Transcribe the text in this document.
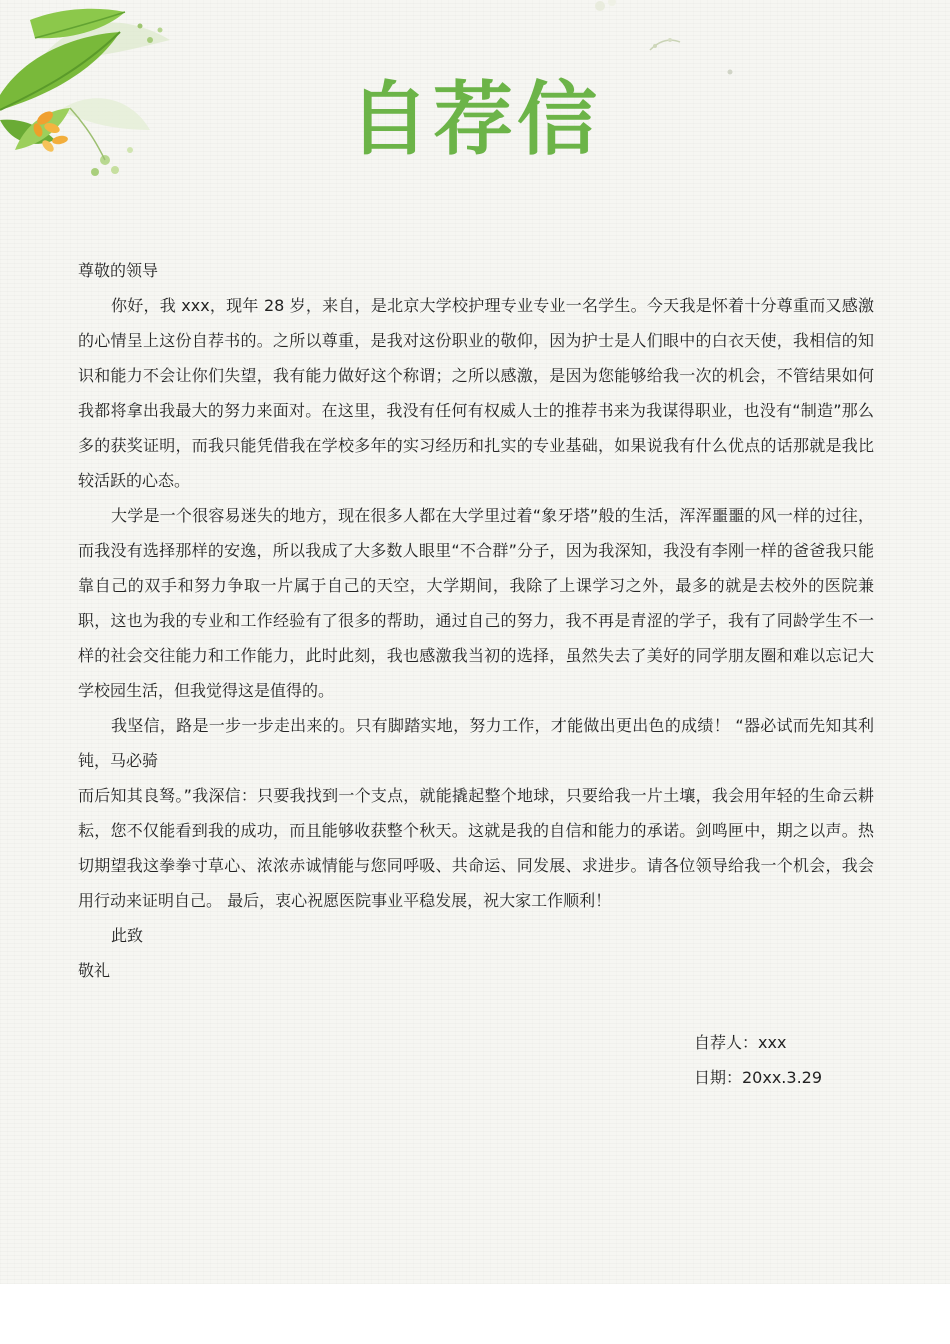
自荐信

尊敬的领导

你好，我 xxx，现年 28 岁，来自，是北京大学校护理专业专业一名学生。今天我是怀着十分尊重而又感激的心情呈上这份自荐书的。之所以尊重，是我对这份职业的敬仰，因为护士是人们眼中的白衣天使，我相信的知识和能力不会让你们失望，我有能力做好这个称谓；之所以感激，是因为您能够给我一次的机会，不管结果如何我都将拿出我最大的努力来面对。在这里，我没有任何有权威人士的推荐书来为我谋得职业，也没有“制造”那么多的获奖证明，而我只能凭借我在学校多年的实习经历和扎实的专业基础，如果说我有什么优点的话那就是我比较活跃的心态。

大学是一个很容易迷失的地方，现在很多人都在大学里过着“象牙塔”般的生活，浑浑噩噩的风一样的过往，而我没有选择那样的安逸，所以我成了大多数人眼里“不合群”分子，因为我深知，我没有李刚一样的爸爸我只能靠自己的双手和努力争取一片属于自己的天空，大学期间，我除了上课学习之外，最多的就是去校外的医院兼职，这也为我的专业和工作经验有了很多的帮助，通过自己的努力，我不再是青涩的学子，我有了同龄学生不一样的社会交往能力和工作能力，此时此刻，我也感激我当初的选择，虽然失去了美好的同学朋友圈和难以忘记大学校园生活，但我觉得这是值得的。

我坚信，路是一步一步走出来的。只有脚踏实地，努力工作，才能做出更出色的成绩！ “器必试而先知其利钝，马必骑

而后知其良驽。”我深信：只要我找到一个支点，就能撬起整个地球，只要给我一片土壤，我会用年轻的生命云耕耘，您不仅能看到我的成功，而且能够收获整个秋天。这就是我的自信和能力的承诺。剑鸣匣中，期之以声。热切期望我这拳拳寸草心、浓浓赤诚情能与您同呼吸、共命运、同发展、求进步。请各位领导给我一个机会，我会用行动来证明自己。 最后，衷心祝愿医院事业平稳发展，祝大家工作顺利！

此致

敬礼

自荐人：xxx
日期：20xx.3.29
